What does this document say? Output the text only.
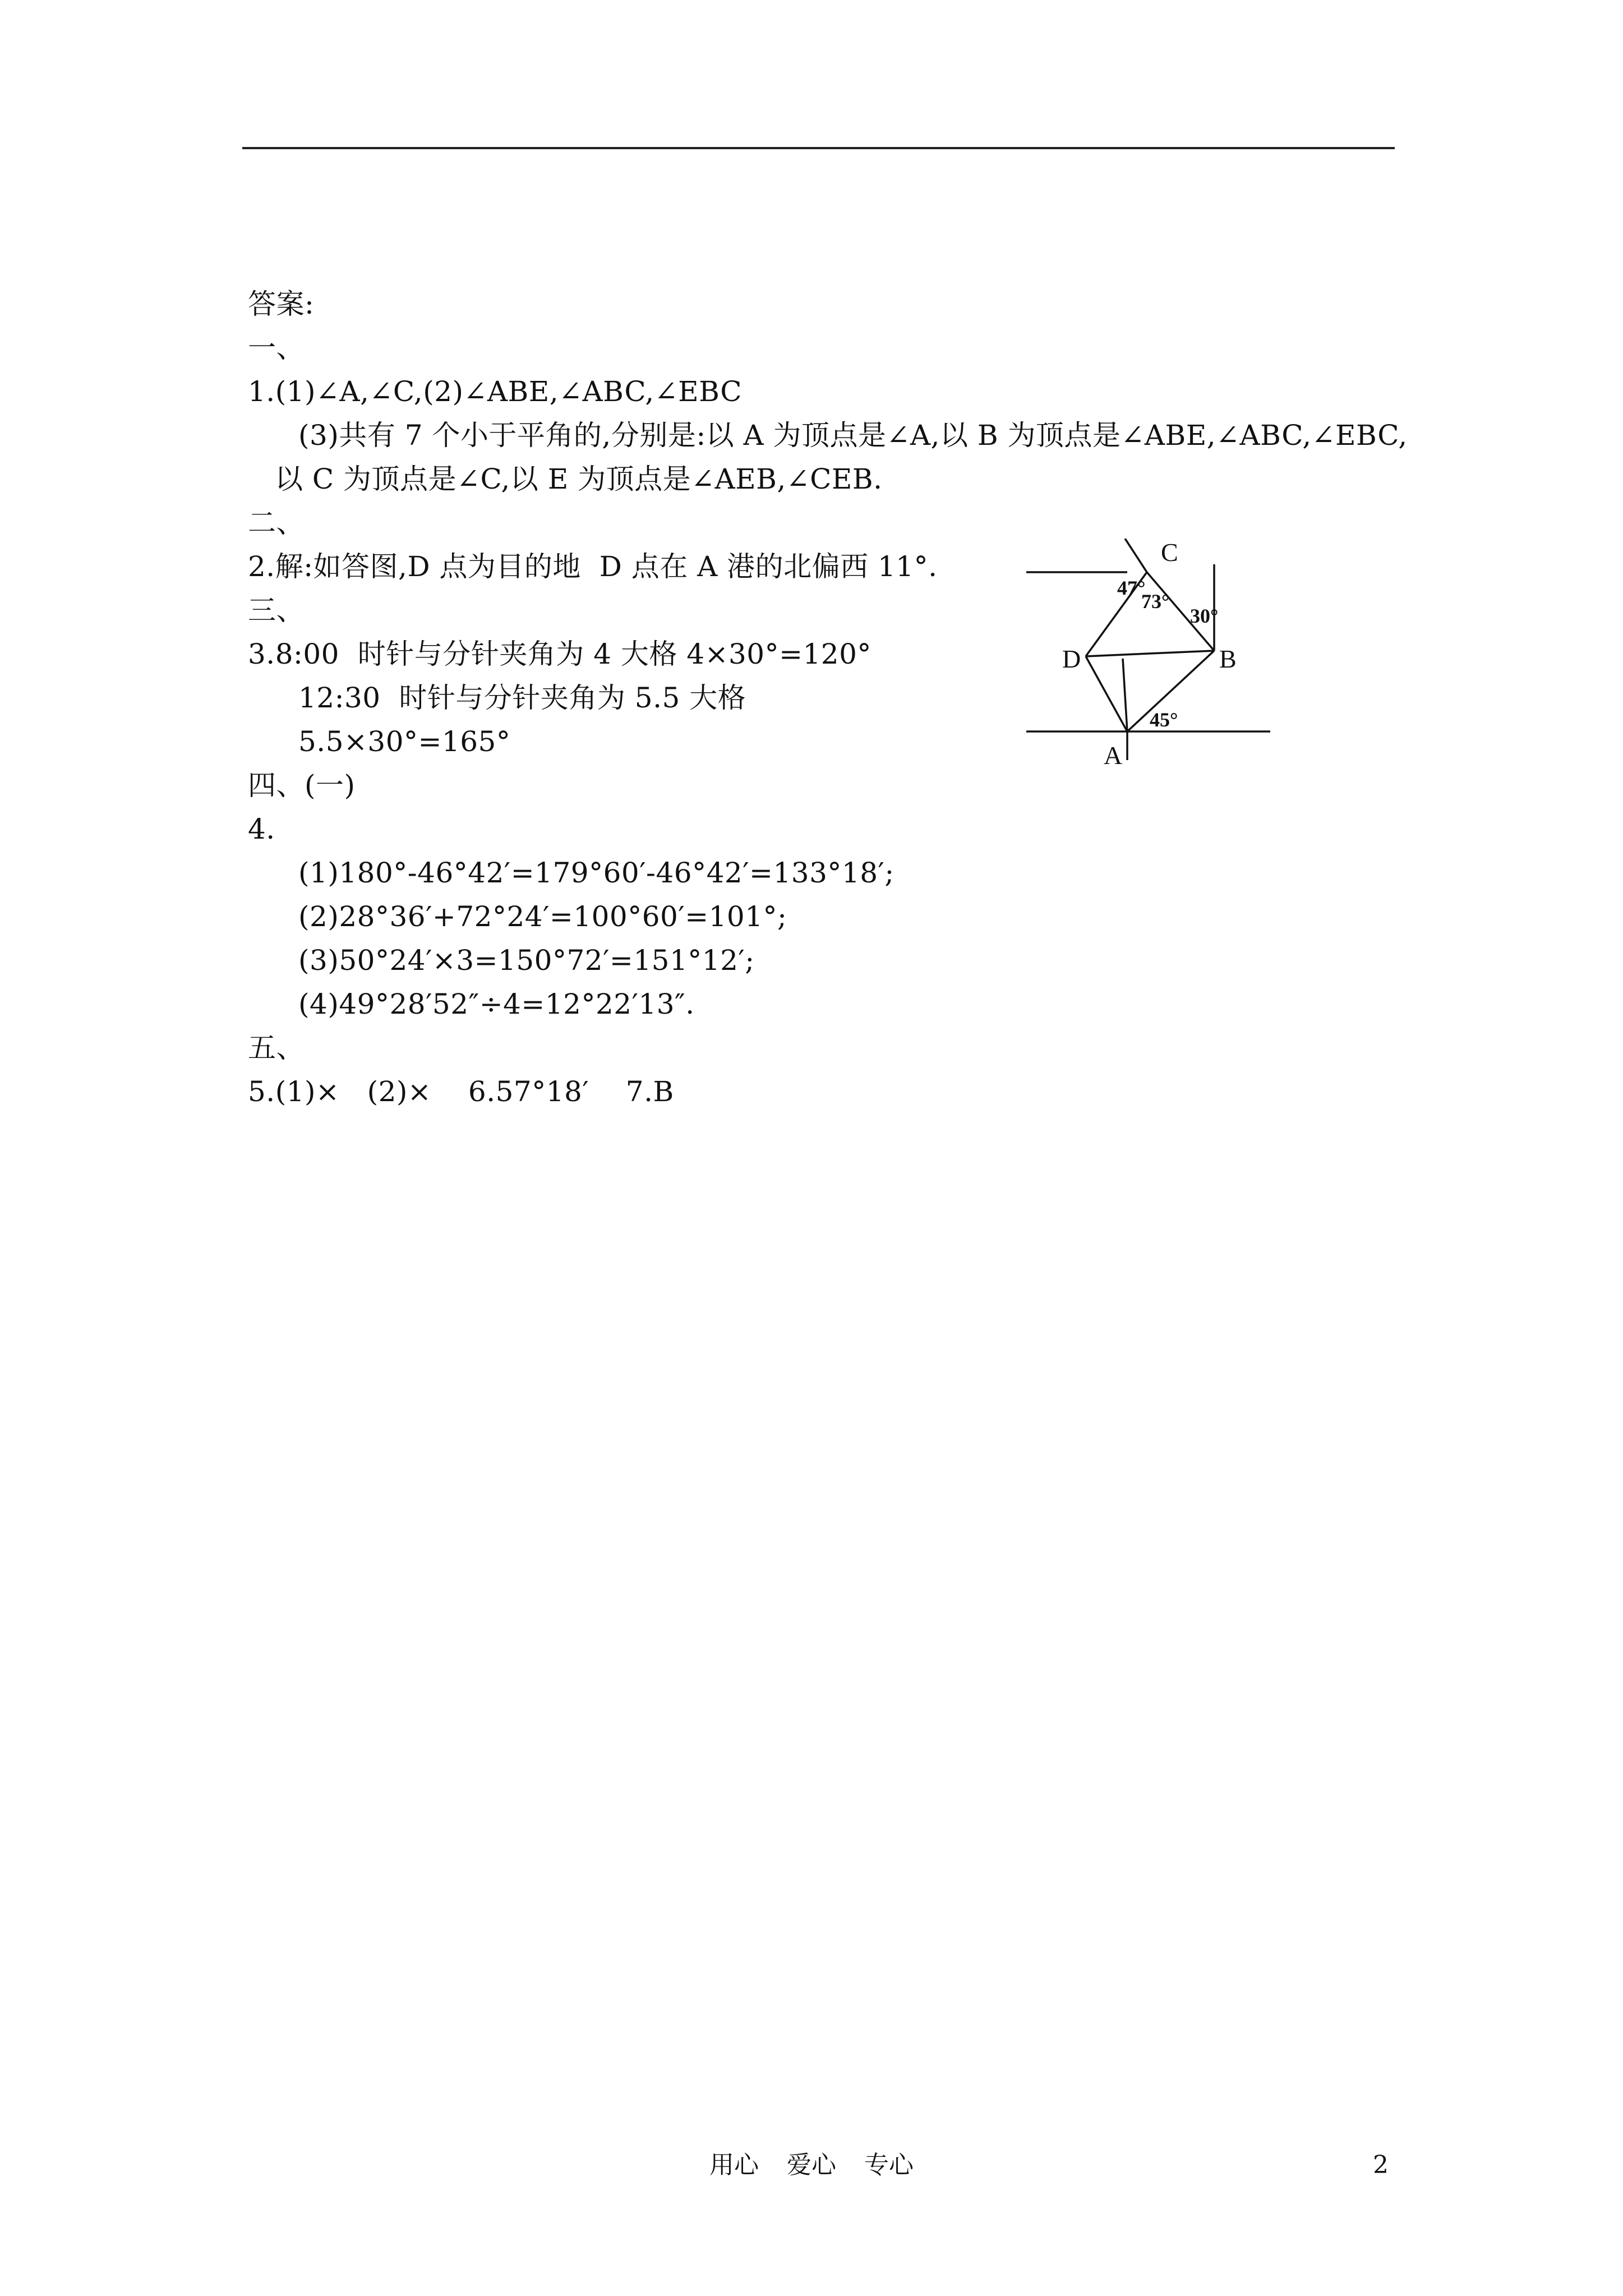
答案:
一、
1.(1)∠A,∠C,(2)∠ABE,∠ABC,∠EBC
(3)共有 7 个小于平角的,分别是:以 A 为顶点是∠A,以 B 为顶点是∠ABE,∠ABC,∠EBC,
以 C 为顶点是∠C,以 E 为顶点是∠AEB,∠CEB.
二、
2.解:如答图,D 点为目的地  D 点在 A 港的北偏西 11°.
三、
3.8:00  时针与分针夹角为 4 大格 4×30°=120°
12:30  时针与分针夹角为 5.5 大格
5.5×30°=165°
四、(一)
4.
(1)180°-46°42′=179°60′-46°42′=133°18′;
(2)28°36′+72°24′=100°60′=101°;
(3)50°24′×3=150°72′=151°12′;
(4)49°28′52″÷4=12°22′13″.
五、
5.(1)×   (2)×    6.57°18′    7.B
C
B
D
A
47°
73°
30°
45°
用心 爱心 专心	2
